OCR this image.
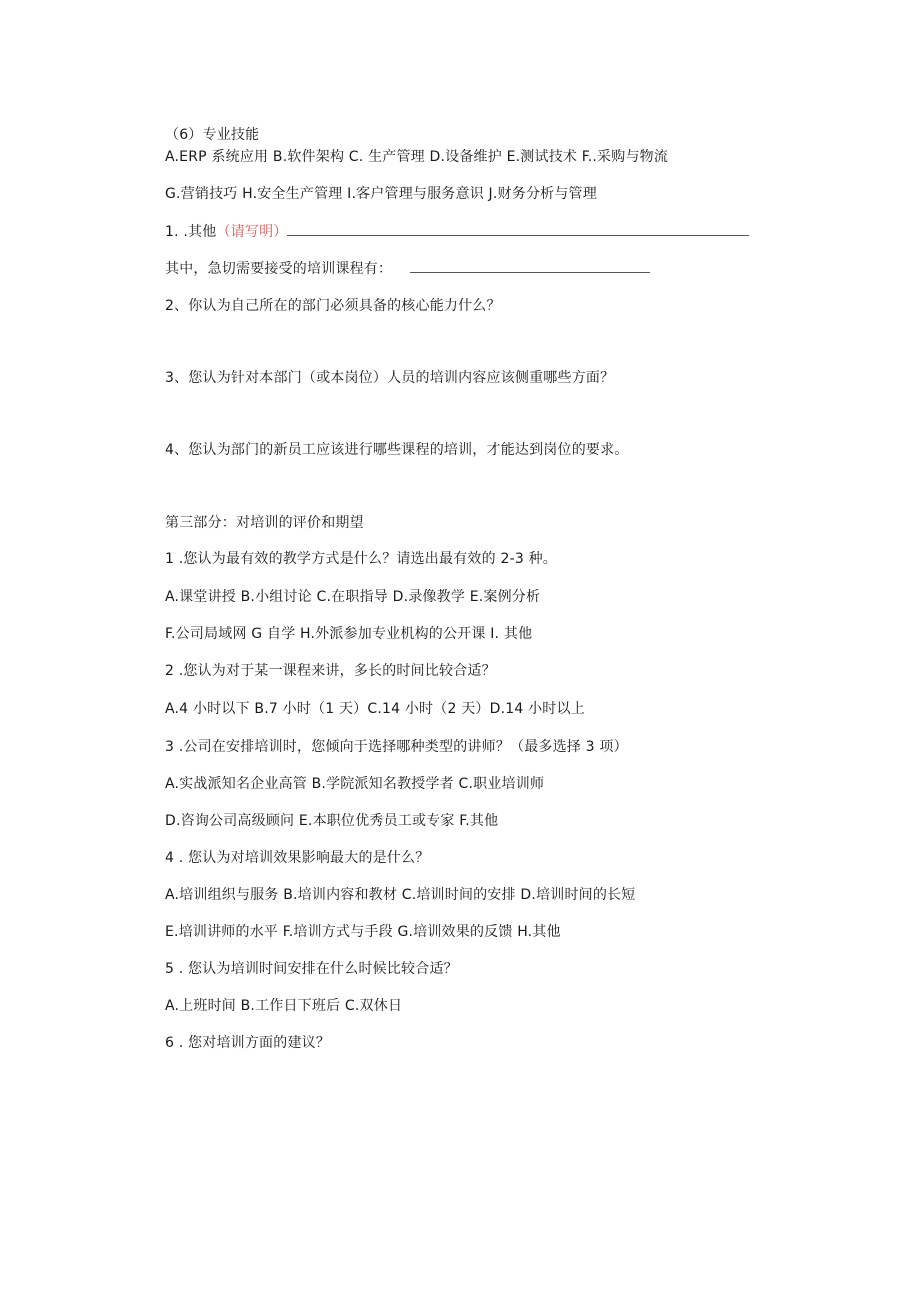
（6）专业技能
A.ERP 系统应用 B.软件架构 C. 生产管理 D.设备维护 E.测试技术 F..采购与物流
G.营销技巧 H.安全生产管理 I.客户管理与服务意识 J.财务分析与管理
1. .其他（请写明）
其中，急切需要接受的培训课程有：
2、你认为自己所在的部门必须具备的核心能力什么？
3、您认为针对本部门（或本岗位）人员的培训内容应该侧重哪些方面？
4、您认为部门的新员工应该进行哪些课程的培训，才能达到岗位的要求。
第三部分：对培训的评价和期望
1 .您认为最有效的教学方式是什么？请选出最有效的 2-3 种。
A.课堂讲授 B.小组讨论 C.在职指导 D.录像教学 E.案例分析
F.公司局域网 G 自学 H.外派参加专业机构的公开课 I. 其他
2 .您认为对于某一课程来讲，多长的时间比较合适？
A.4 小时以下 B.7 小时（1 天）C.14 小时（2 天）D.14 小时以上
3 .公司在安排培训时，您倾向于选择哪种类型的讲师？（最多选择 3 项）
A.实战派知名企业高管 B.学院派知名教授学者 C.职业培训师
D.咨询公司高级顾问 E.本职位优秀员工或专家 F.其他
4 . 您认为对培训效果影响最大的是什么？
A.培训组织与服务 B.培训内容和教材 C.培训时间的安排 D.培训时间的长短
E.培训讲师的水平 F.培训方式与手段 G.培训效果的反馈 H.其他
5 . 您认为培训时间安排在什么时候比较合适？
A.上班时间 B.工作日下班后 C.双休日
6 . 您对培训方面的建议？
